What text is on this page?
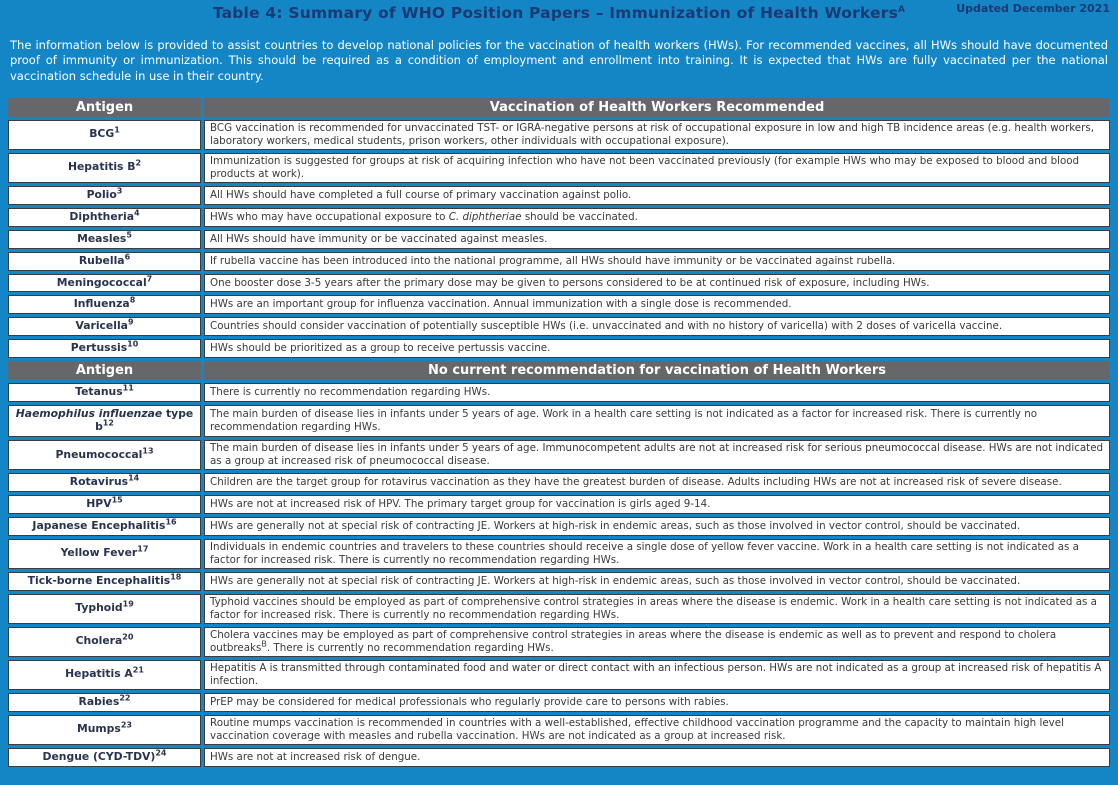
Table 4: Summary of WHO Position Papers – Immunization of Health Workers$^A$	Updated December 2021

The information below is provided to assist countries to develop national policies for the vaccination of health workers (HWs). For recommended vaccines, all HWs should have documented proof of immunity or immunization. This should be required as a condition of employment and enrollment into training. It is expected that HWs are fully vaccinated per the national vaccination schedule in use in their country.

Antigen	Vaccination of Health Workers Recommended
BCG$^1$	BCG vaccination is recommended for unvaccinated TST- or IGRA-negative persons at risk of occupational exposure in low and high TB incidence areas (e.g. health workers, laboratory workers, medical students, prison workers, other individuals with occupational exposure).
Hepatitis $B^2$	Immunization is suggested for groups at risk of acquiring infection who have not been vaccinated previously (for example HWs who may be exposed to blood and blood products at work).
Polio$^3$	All HWs should have completed a full course of primary vaccination against polio.
Diphtheria$^4$	HWs who may have occupational exposure to C. diphtheriae should be vaccinated.
Measles$^5$	All HWs should have immunity or be vaccinated against measles.
Rubella$^6$	If rubella vaccine has been introduced into the national programme, all HWs should have immunity or be vaccinated against rubella.
Meningococcal$^7$	One booster dose 3-5 years after the primary dose may be given to persons considered to be at continued risk of exposure, including HWs.
Influenza$^8$	HWs are an important group for influenza vaccination. Annual immunization with a single dose is recommended.
Varicella$^9$	Countries should consider vaccination of potentially susceptible HWs (i.e. unvaccinated and with no history of varicella) with 2 doses of varicella vaccine.
Pertussis$^{10}$	HWs should be prioritized as a group to receive pertussis vaccine.
Antigen	No current recommendation for vaccination of Health Workers
Tetanus$^{11}$	There is currently no recommendation regarding HWs.
Haemophilus influenzae type $b^{12}$	The main burden of disease lies in infants under 5 years of age. Work in a health care setting is not indicated as a factor for increased risk. There is currently no recommendation regarding HWs.
Pneumococcal$^{13}$	The main burden of disease lies in infants under 5 years of age. Immunocompetent adults are not at increased risk for serious pneumococcal disease. HWs are not indicated as a group at increased risk of pneumococcal disease.
Rotavirus$^{14}$	Children are the target group for rotavirus vaccination as they have the greatest burden of disease. Adults including HWs are not at increased risk of severe disease.
HPV$^{15}$	HWs are not at increased risk of HPV. The primary target group for vaccination is girls aged 9-14.
Japanese Encephalitis$^{16}$	HWs are generally not at special risk of contracting JE. Workers at high-risk in endemic areas, such as those involved in vector control, should be vaccinated.
Yellow Fever$^{17}$	Individuals in endemic countries and travelers to these countries should receive a single dose of yellow fever vaccine. Work in a health care setting is not indicated as a factor for increased risk. There is currently no recommendation regarding HWs.
Tick-borne Encephalitis$^{18}$	HWs are generally not at special risk of contracting JE. Workers at high-risk in endemic areas, such as those involved in vector control, should be vaccinated.
Typhoid$^{19}$	Typhoid vaccines should be employed as part of comprehensive control strategies in areas where the disease is endemic. Work in a health care setting is not indicated as a factor for increased risk. There is currently no recommendation regarding HWs.
Cholera$^{20}$	Cholera vaccines may be employed as part of comprehensive control strategies in areas where the disease is endemic as well as to prevent and respond to cholera outbreaks$^B$. There is currently no recommendation regarding HWs.
Hepatitis $A^{21}$	Hepatitis A is transmitted through contaminated food and water or direct contact with an infectious person. HWs are not indicated as a group at increased risk of hepatitis A infection.
Rabies$^{22}$	PrEP may be considered for medical professionals who regularly provide care to persons with rabies.
Mumps$^{23}$	Routine mumps vaccination is recommended in countries with a well-established, effective childhood vaccination programme and the capacity to maintain high level vaccination coverage with measles and rubella vaccination. HWs are not indicated as a group at increased risk.
Dengue $(CYD-TDV)^{24}$	HWs are not at increased risk of dengue.
